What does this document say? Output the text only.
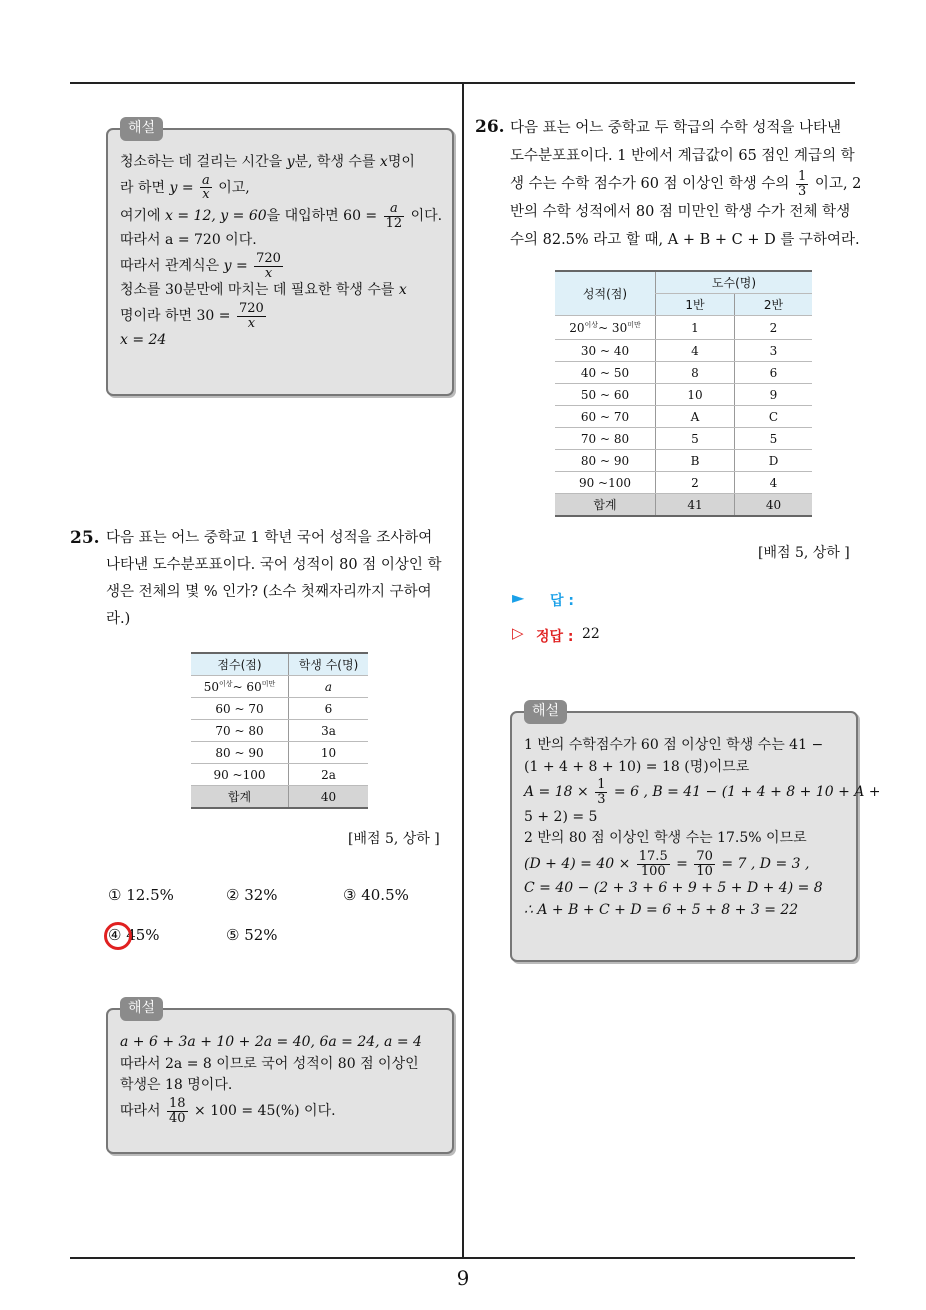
9
해설
청소하는 데 걸리는 시간을 y분, 학생 수를 x명이
라 하면 $y = \frac{a}{x}$ 이고,
여기에 x = 12, y = 60을 대입하면 $60 = \frac{a}{12}$ 이다.
따라서 a = 720 이다.
따라서 관계식은 $y = \frac{720}{x}$
청소를 30분만에 마치는 데 필요한 학생 수를 x
명이라 하면 $30 = \frac{720}{x}$
x = 24
25. 다음 표는 어느 중학교 1 학년 국어 성적을 조사하여
나타낸 도수분포표이다. 국어 성적이 80 점 이상인 학
생은 전체의 몇 % 인가? (소수 첫째자리까지 구하여
라.)
점수(점)	학생 수(명)
$50^{이상}\sim$ $60^{미만}$	a
60 ~ 70	6
70 ~ 80	3a
80 ~ 90	10
90 ~100	2a
합계	40
[배점 5, 상하 ]
① 12.5%	② 32%	③ 40.5%
④ 45%	⑤ 52%
해설
a + 6 + 3a + 10 + 2a = 40, 6a = 24, a = 4
따라서 2a = 8 이므로 국어 성적이 80 점 이상인
학생은 18 명이다.
따라서 $\frac{18}{40} \times 100 = 45(\%)$ 이다.
26. 다음 표는 어느 중학교 두 학급의 수학 성적을 나타낸
도수분포표이다. 1 반에서 계급값이 65 점인 계급의 학
생 수는 수학 점수가 60 점 이상인 학생 수의 $\frac{1}{3}$ 이고, 2
반의 수학 성적에서 80 점 미만인 학생 수가 전체 학생
수의 82.5% 라고 할 때, A + B + C + D 를 구하여라.
성적(점)	도수(명)	
	1반	2반
$20^{이상}\sim$ $30^{미만}$	1	2
30 ~ 40	4	3
40 ~ 50	8	6
50 ~ 60	10	9
60 ~ 70	A	C
70 ~ 80	5	5
80 ~ 90	B	D
90 ~100	2	4
합계	41	40
[배점 5, 상하 ]
► 답 :
▷ 정답 : 22
해설
1 반의 수학점수가 60 점 이상인 학생 수는 41 −
(1 + 4 + 8 + 10) = 18 (명)이므로
$A = 18 \times \frac{1}{3} = 6$ , B = 41 − (1 + 4 + 8 + 10 + A +
5 + 2) = 5
2 반의 80 점 이상인 학생 수는 17.5% 이므로
$(D + 4) = 40 \times \frac{17.5}{100} = \frac{70}{10} = 7$ , D = 3 ,
C = 40 − (2 + 3 + 6 + 9 + 5 + D + 4) = 8
∴ A + B + C + D = 6 + 5 + 8 + 3 = 22
